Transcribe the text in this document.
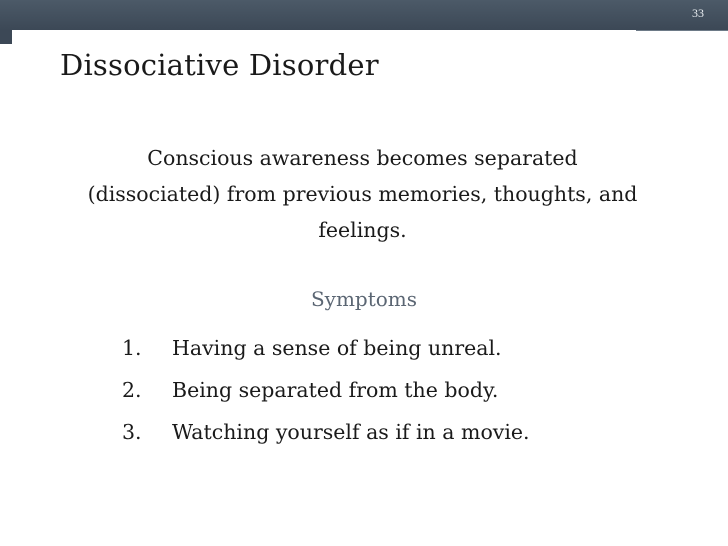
33
Dissociative Disorder

Conscious awareness becomes separated (dissociated) from previous memories, thoughts, and feelings.

Symptoms
1.	Having a sense of being unreal.
2.	Being separated from the body.
3.	Watching yourself as if in a movie.
